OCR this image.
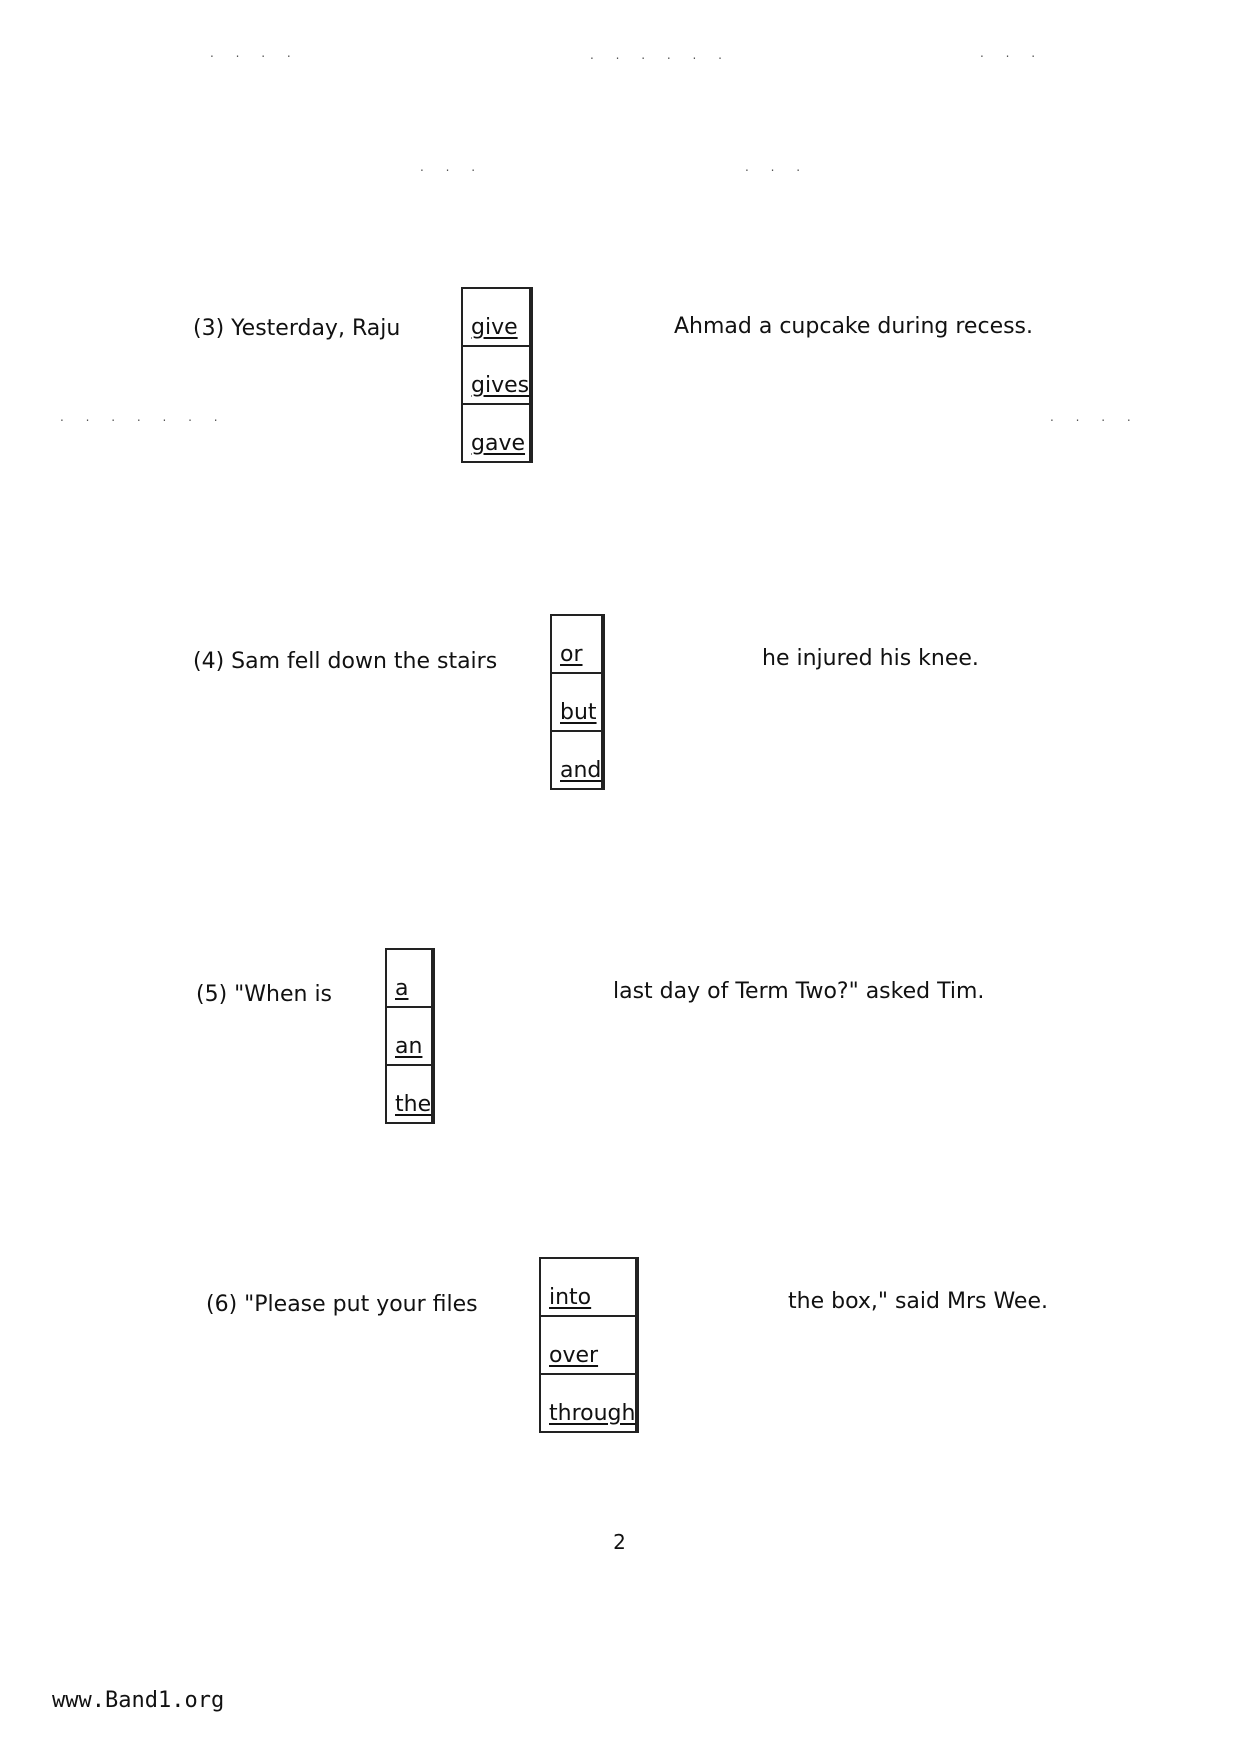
. . . .	. . . . . .	. . .
. . .	. . .
. . . . . . .	. . . .
(3) Yesterday, Raju	give	
gives	
gave	
Ahmad a cupcake during recess.
(4) Sam fell down the stairs	or	
but	
and	
he injured his knee.
(5) "When is	a	
an	
the	
last day of Term Two?" asked Tim.
(6) "Please put your files	into	
over	
through	
the box," said Mrs Wee.
2
www.Band1.org
